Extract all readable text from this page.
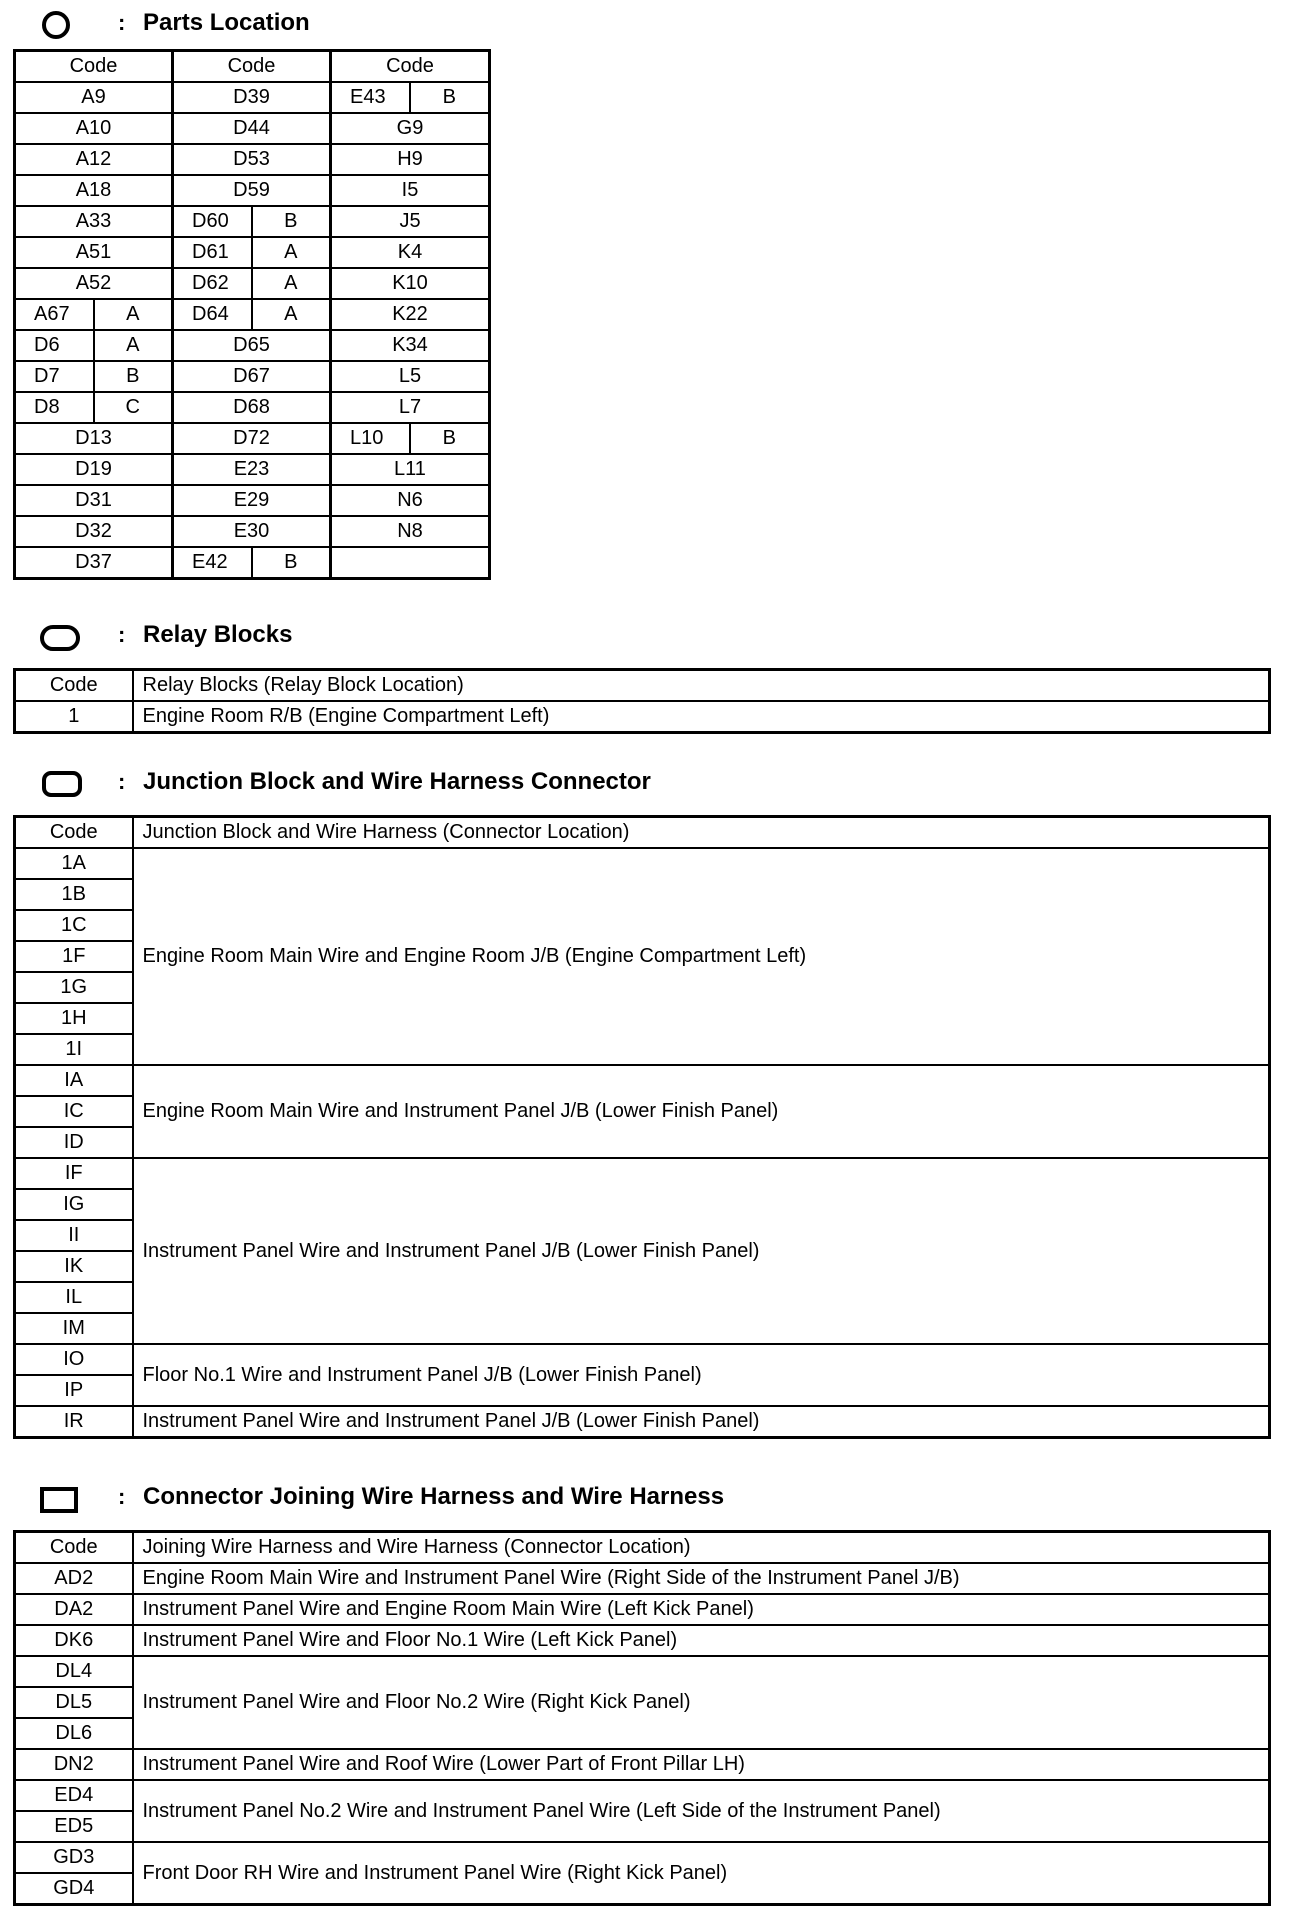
: Parts Location
Code		Code		Code	
A9		D39		E43	B
A10		D44		G9	
A12		D53		H9	
A18		D59		I5	
A33		D60	B	J5	
A51		D61	A	K4	
A52		D62	A	K10	
A67	A	D64	A	K22	
D6	A	D65		K34	
D7	B	D67		L5	
D8	C	D68		L7	
D13		D72		L10	B
D19		E23		L11	
D31		E29		N6	
D32		E30		N8	
D37		E42	B		
: Relay Blocks
Code	Relay Blocks (Relay Block Location)
1	Engine Room R/B (Engine Compartment Left)
: Junction Block and Wire Harness Connector
Code	Junction Block and Wire Harness (Connector Location)
1A	Engine Room Main Wire and Engine Room J/B (Engine Compartment Left)
1B	
1C	
1F	
1G	
1H	
1I	
IA	Engine Room Main Wire and Instrument Panel J/B (Lower Finish Panel)
IC	
ID	
IF	Instrument Panel Wire and Instrument Panel J/B (Lower Finish Panel)
IG	
II	
IK	
IL	
IM	
IO	Floor No.1 Wire and Instrument Panel J/B (Lower Finish Panel)
IP	
IR	Instrument Panel Wire and Instrument Panel J/B (Lower Finish Panel)
: Connector Joining Wire Harness and Wire Harness
Code	Joining Wire Harness and Wire Harness (Connector Location)
AD2	Engine Room Main Wire and Instrument Panel Wire (Right Side of the Instrument Panel J/B)
DA2	Instrument Panel Wire and Engine Room Main Wire (Left Kick Panel)
DK6	Instrument Panel Wire and Floor No.1 Wire (Left Kick Panel)
DL4	Instrument Panel Wire and Floor No.2 Wire (Right Kick Panel)
DL5	
DL6	
DN2	Instrument Panel Wire and Roof Wire (Lower Part of Front Pillar LH)
ED4	Instrument Panel No.2 Wire and Instrument Panel Wire (Left Side of the Instrument Panel)
ED5	
GD3	Front Door RH Wire and Instrument Panel Wire (Right Kick Panel)
GD4	
